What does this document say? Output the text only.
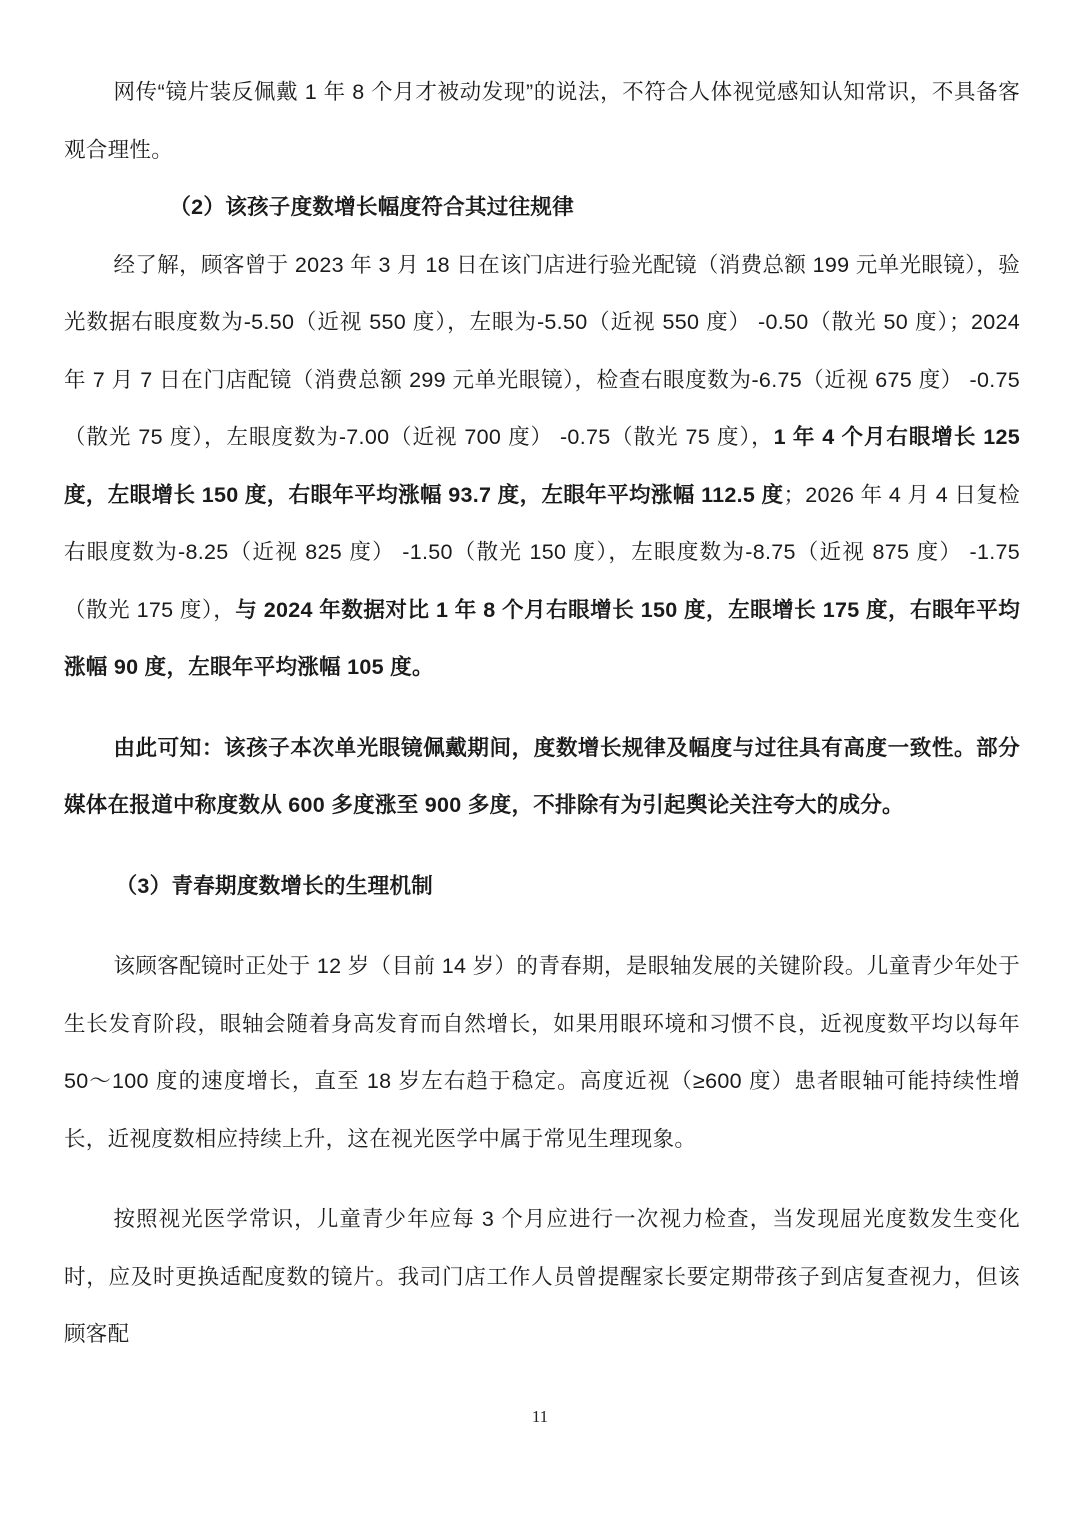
网传“镜片装反佩戴 1 年 8 个月才被动发现”的说法，不符合人体视觉感知认知常识，不具备客观合理性。

（2）该孩子度数增长幅度符合其过往规律

经了解，顾客曾于 2023 年 3 月 18 日在该门店进行验光配镜（消费总额 199 元单光眼镜），验光数据右眼度数为-5.50（近视 550 度），左眼为-5.50（近视 550 度） -0.50（散光 50 度）；2024 年 7 月 7 日在门店配镜（消费总额 299 元单光眼镜），检查右眼度数为-6.75（近视 675 度） -0.75（散光 75 度），左眼度数为-7.00（近视 700 度） -0.75（散光 75 度），1 年 4 个月右眼增长 125 度，左眼增长 150 度，右眼年平均涨幅 93.7 度，左眼年平均涨幅 112.5 度；2026 年 4 月 4 日复检右眼度数为-8.25（近视 825 度） -1.50（散光 150 度），左眼度数为-8.75（近视 875 度） -1.75（散光 175 度），与 2024 年数据对比 1 年 8 个月右眼增长 150 度，左眼增长 175 度，右眼年平均涨幅 90 度，左眼年平均涨幅 105 度。

由此可知：该孩子本次单光眼镜佩戴期间，度数增长规律及幅度与过往具有高度一致性。部分媒体在报道中称度数从 600 多度涨至 900 多度，不排除有为引起舆论关注夸大的成分。

（3）青春期度数增长的生理机制

该顾客配镜时正处于 12 岁（目前 14 岁）的青春期，是眼轴发展的关键阶段。儿童青少年处于生长发育阶段，眼轴会随着身高发育而自然增长，如果用眼环境和习惯不良，近视度数平均以每年 50～100 度的速度增长，直至 18 岁左右趋于稳定。高度近视（≥600 度）患者眼轴可能持续性增长，近视度数相应持续上升，这在视光医学中属于常见生理现象。

按照视光医学常识，儿童青少年应每 3 个月应进行一次视力检查，当发现屈光度数发生变化时，应及时更换适配度数的镜片。我司门店工作人员曾提醒家长要定期带孩子到店复查视力，但该顾客配

11
